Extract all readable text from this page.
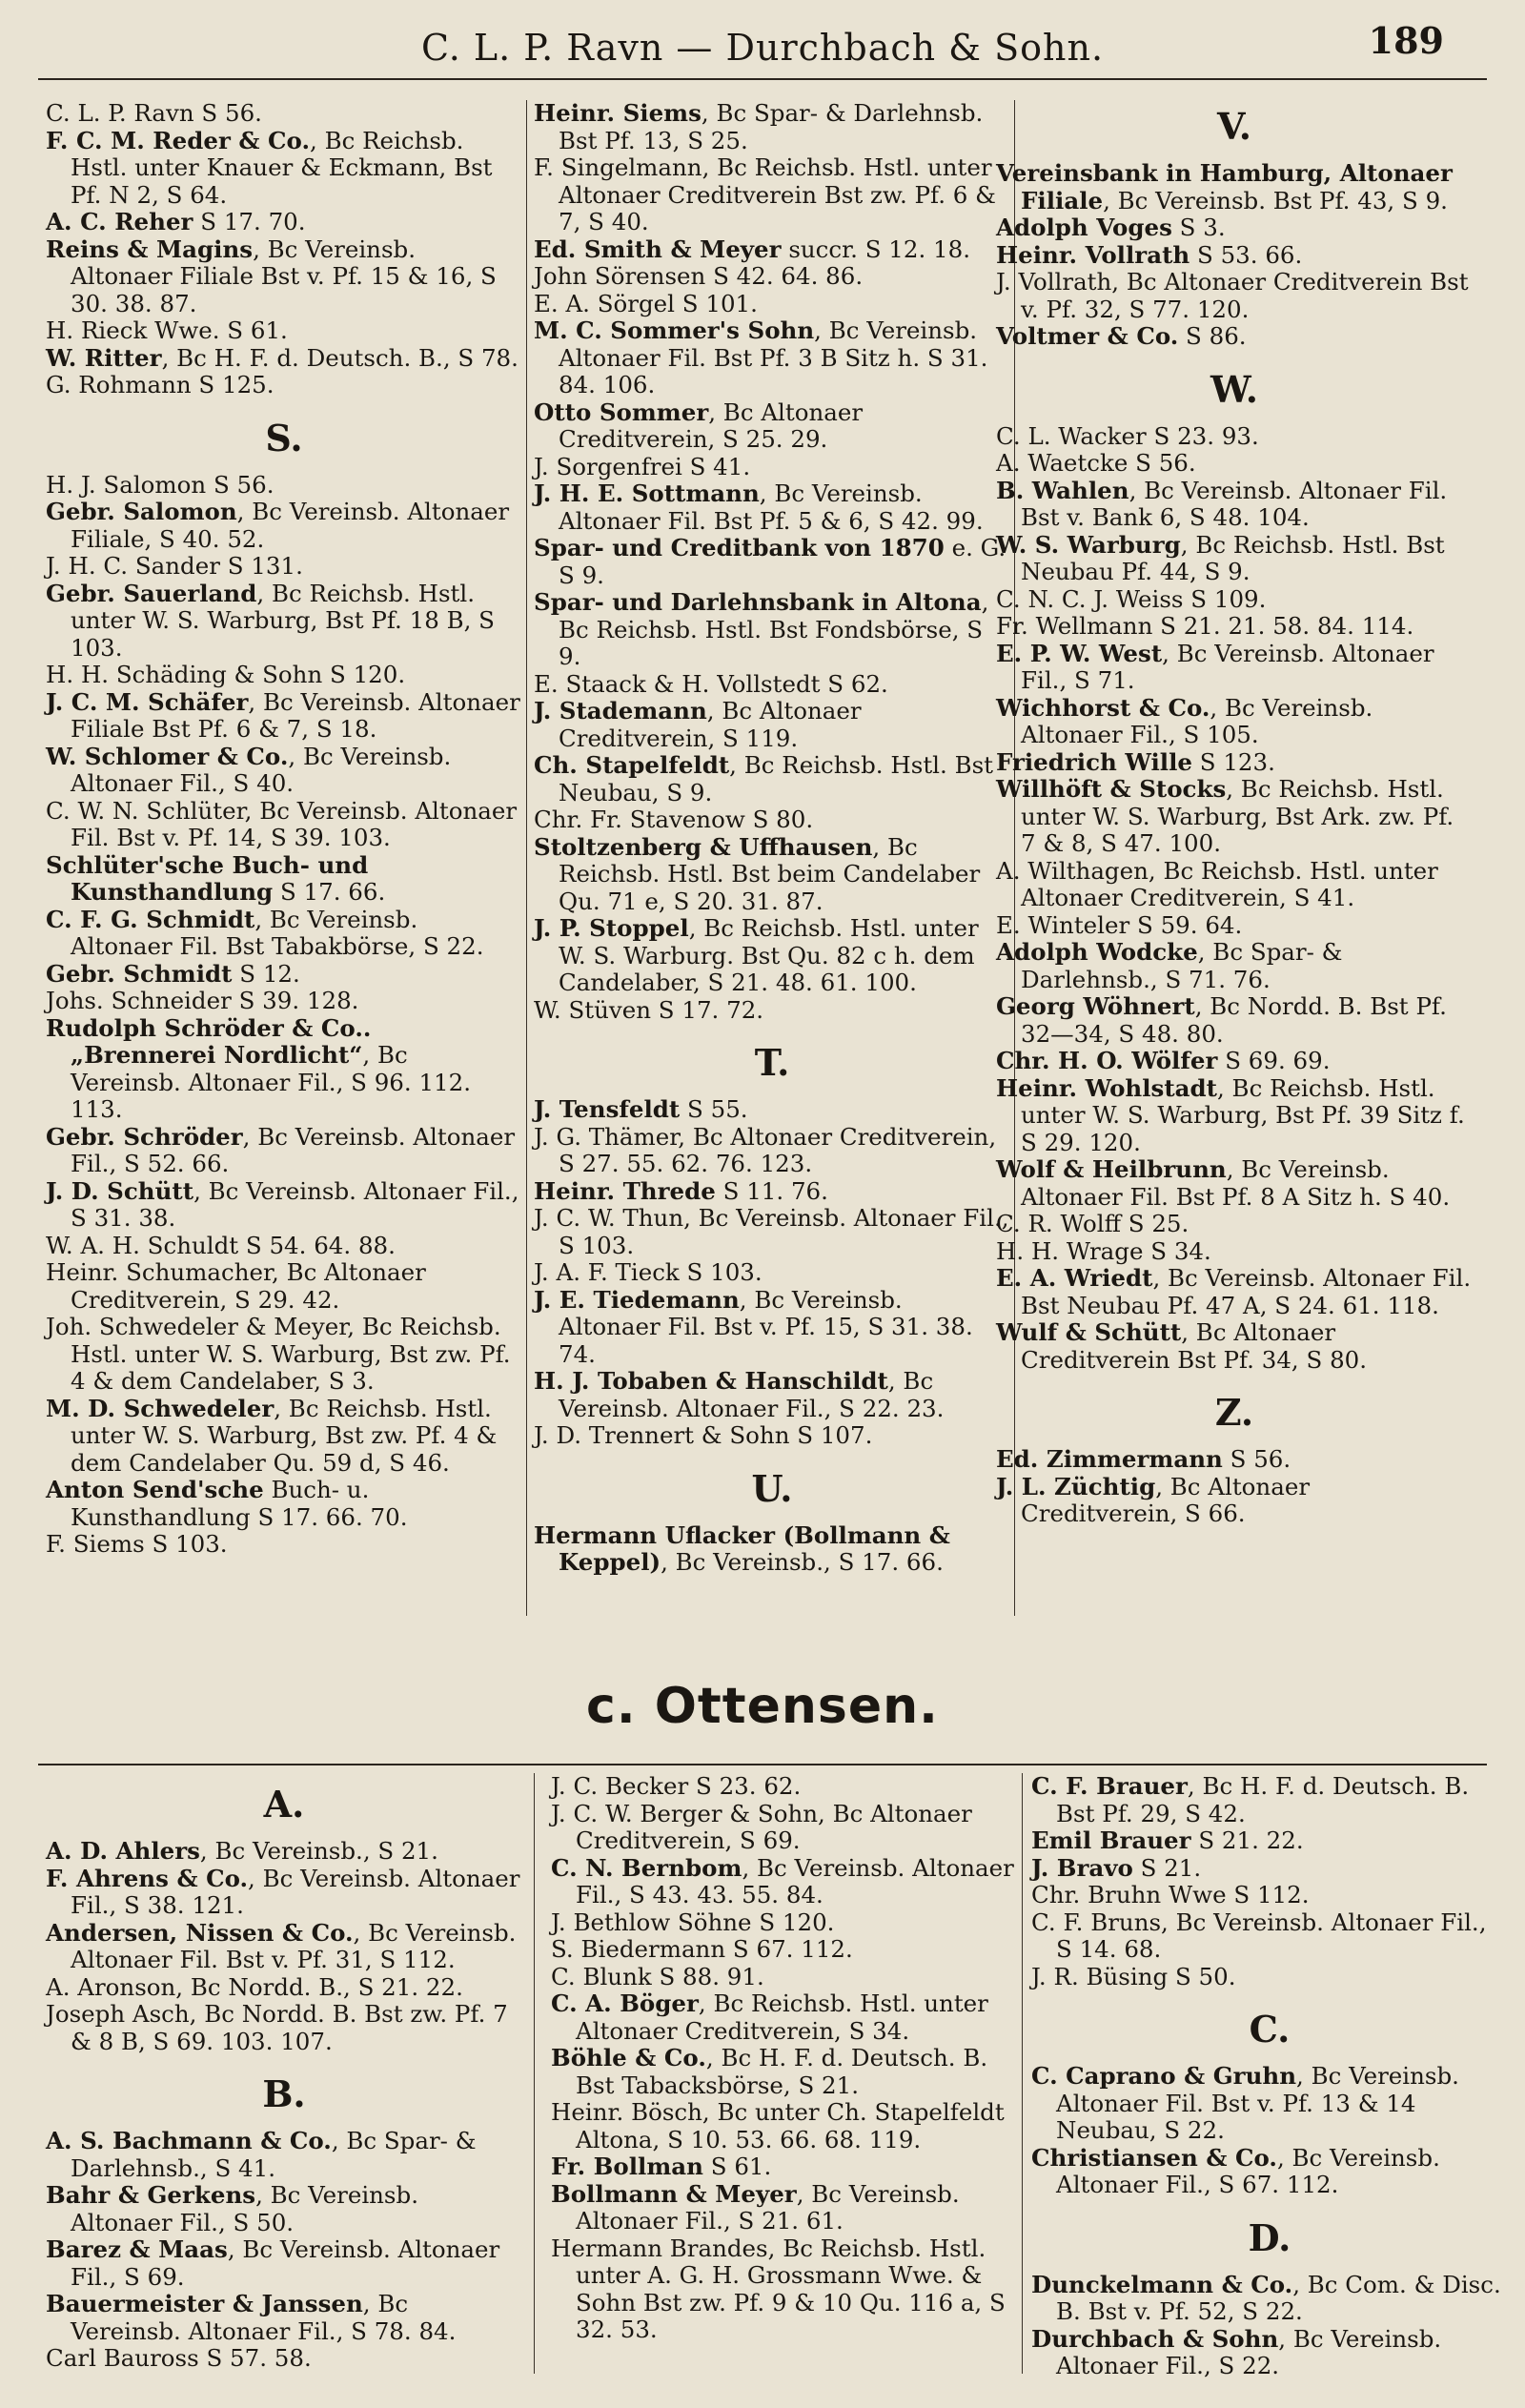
C. L. P. Ravn — Durchbach & Sohn.	189

C. L. P. Ravn S 56.

F. C. M. Reder & Co., Bc Reichsb. Hstl. unter Knauer & Eckmann, Bst Pf. N 2, S 64.

A. C. Reher S 17. 70.

Reins & Magins, Bc Vereinsb. Altonaer Filiale Bst v. Pf. 15 & 16, S 30. 38. 87.

H. Rieck Wwe. S 61.

W. Ritter, Bc H. F. d. Deutsch. B., S 78.

G. Rohmann S 125.

S.

H. J. Salomon S 56.

Gebr. Salomon, Bc Vereinsb. Altonaer Filiale, S 40. 52.

J. H. C. Sander S 131.

Gebr. Sauerland, Bc Reichsb. Hstl. unter W. S. Warburg, Bst Pf. 18 B, S 103.

H. H. Schäding & Sohn S 120.

J. C. M. Schäfer, Bc Vereinsb. Altonaer Filiale Bst Pf. 6 & 7, S 18.

W. Schlomer & Co., Bc Vereinsb. Altonaer Fil., S 40.

C. W. N. Schlüter, Bc Vereinsb. Altonaer Fil. Bst v. Pf. 14, S 39. 103.

Schlüter'sche Buch- und Kunsthandlung S 17. 66.

C. F. G. Schmidt, Bc Vereinsb. Altonaer Fil. Bst Tabakbörse, S 22.

Gebr. Schmidt S 12.

Johs. Schneider S 39. 128.

Rudolph Schröder & Co.. „Brennerei Nordlicht“, Bc Vereinsb. Altonaer Fil., S 96. 112. 113.

Gebr. Schröder, Bc Vereinsb. Altonaer Fil., S 52. 66.

J. D. Schütt, Bc Vereinsb. Altonaer Fil., S 31. 38.

W. A. H. Schuldt S 54. 64. 88.

Heinr. Schumacher, Bc Altonaer Creditverein, S 29. 42.

Joh. Schwedeler & Meyer, Bc Reichsb. Hstl. unter W. S. Warburg, Bst zw. Pf. 4 & dem Candelaber, S 3.

M. D. Schwedeler, Bc Reichsb. Hstl. unter W. S. Warburg, Bst zw. Pf. 4 & dem Candelaber Qu. 59 d, S 46.

Anton Send'sche Buch- u. Kunsthandlung S 17. 66. 70.

F. Siems S 103.

Heinr. Siems, Bc Spar- & Darlehnsb. Bst Pf. 13, S 25.

F. Singelmann, Bc Reichsb. Hstl. unter Altonaer Creditverein Bst zw. Pf. 6 & 7, S 40.

Ed. Smith & Meyer succr. S 12. 18.

John Sörensen S 42. 64. 86.

E. A. Sörgel S 101.

M. C. Sommer's Sohn, Bc Vereinsb. Altonaer Fil. Bst Pf. 3 B Sitz h. S 31. 84. 106.

Otto Sommer, Bc Altonaer Creditverein, S 25. 29.

J. Sorgenfrei S 41.

J. H. E. Sottmann, Bc Vereinsb. Altonaer Fil. Bst Pf. 5 & 6, S 42. 99.

Spar- und Creditbank von 1870 e. G. S 9.

Spar- und Darlehnsbank in Altona, Bc Reichsb. Hstl. Bst Fondsbörse, S 9.

E. Staack & H. Vollstedt S 62.

J. Stademann, Bc Altonaer Creditverein, S 119.

Ch. Stapelfeldt, Bc Reichsb. Hstl. Bst Neubau, S 9.

Chr. Fr. Stavenow S 80.

Stoltzenberg & Uffhausen, Bc Reichsb. Hstl. Bst beim Candelaber Qu. 71 e, S 20. 31. 87.

J. P. Stoppel, Bc Reichsb. Hstl. unter W. S. Warburg. Bst Qu. 82 c h. dem Candelaber, S 21. 48. 61. 100.

W. Stüven S 17. 72.

T.

J. Tensfeldt S 55.

J. G. Thämer, Bc Altonaer Creditverein, S 27. 55. 62. 76. 123.

Heinr. Threde S 11. 76.

J. C. W. Thun, Bc Vereinsb. Altonaer Fil., S 103.

J. A. F. Tieck S 103.

J. E. Tiedemann, Bc Vereinsb. Altonaer Fil. Bst v. Pf. 15, S 31. 38. 74.

H. J. Tobaben & Hanschildt, Bc Vereinsb. Altonaer Fil., S 22. 23.

J. D. Trennert & Sohn S 107.

U.

Hermann Uflacker (Bollmann & Keppel), Bc Vereinsb., S 17. 66.

V.

Vereinsbank in Hamburg, Altonaer Filiale, Bc Vereinsb. Bst Pf. 43, S 9.

Adolph Voges S 3.

Heinr. Vollrath S 53. 66.

J. Vollrath, Bc Altonaer Creditverein Bst v. Pf. 32, S 77. 120.

Voltmer & Co. S 86.

W.

C. L. Wacker S 23. 93.

A. Waetcke S 56.

B. Wahlen, Bc Vereinsb. Altonaer Fil. Bst v. Bank 6, S 48. 104.

W. S. Warburg, Bc Reichsb. Hstl. Bst Neubau Pf. 44, S 9.

C. N. C. J. Weiss S 109.

Fr. Wellmann S 21. 21. 58. 84. 114.

E. P. W. West, Bc Vereinsb. Altonaer Fil., S 71.

Wichhorst & Co., Bc Vereinsb. Altonaer Fil., S 105.

Friedrich Wille S 123.

Willhöft & Stocks, Bc Reichsb. Hstl. unter W. S. Warburg, Bst Ark. zw. Pf. 7 & 8, S 47. 100.

A. Wilthagen, Bc Reichsb. Hstl. unter Altonaer Creditverein, S 41.

E. Winteler S 59. 64.

Adolph Wodcke, Bc Spar- & Darlehnsb., S 71. 76.

Georg Wöhnert, Bc Nordd. B. Bst Pf. 32—34, S 48. 80.

Chr. H. O. Wölfer S 69. 69.

Heinr. Wohlstadt, Bc Reichsb. Hstl. unter W. S. Warburg, Bst Pf. 39 Sitz f. S 29. 120.

Wolf & Heilbrunn, Bc Vereinsb. Altonaer Fil. Bst Pf. 8 A Sitz h. S 40.

C. R. Wolff S 25.

H. H. Wrage S 34.

E. A. Wriedt, Bc Vereinsb. Altonaer Fil. Bst Neubau Pf. 47 A, S 24. 61. 118.

Wulf & Schütt, Bc Altonaer Creditverein Bst Pf. 34, S 80.

Z.

Ed. Zimmermann S 56.

J. L. Züchtig, Bc Altonaer Creditverein, S 66.

c. Ottensen.
A.

A. D. Ahlers, Bc Vereinsb., S 21.

F. Ahrens & Co., Bc Vereinsb. Altonaer Fil., S 38. 121.

Andersen, Nissen & Co., Bc Vereinsb. Altonaer Fil. Bst v. Pf. 31, S 112.

A. Aronson, Bc Nordd. B., S 21. 22.

Joseph Asch, Bc Nordd. B. Bst zw. Pf. 7 & 8 B, S 69. 103. 107.

B.

A. S. Bachmann & Co., Bc Spar- & Darlehnsb., S 41.

Bahr & Gerkens, Bc Vereinsb. Altonaer Fil., S 50.

Barez & Maas, Bc Vereinsb. Altonaer Fil., S 69.

Bauermeister & Janssen, Bc Vereinsb. Altonaer Fil., S 78. 84.

Carl Bauross S 57. 58.

J. C. Becker S 23. 62.

J. C. W. Berger & Sohn, Bc Altonaer Creditverein, S 69.

C. N. Bernbom, Bc Vereinsb. Altonaer Fil., S 43. 43. 55. 84.

J. Bethlow Söhne S 120.

S. Biedermann S 67. 112.

C. Blunk S 88. 91.

C. A. Böger, Bc Reichsb. Hstl. unter Altonaer Creditverein, S 34.

Böhle & Co., Bc H. F. d. Deutsch. B. Bst Tabacksbörse, S 21.

Heinr. Bösch, Bc unter Ch. Stapelfeldt Altona, S 10. 53. 66. 68. 119.

Fr. Bollman S 61.

Bollmann & Meyer, Bc Vereinsb. Altonaer Fil., S 21. 61.

Hermann Brandes, Bc Reichsb. Hstl. unter A. G. H. Grossmann Wwe. & Sohn Bst zw. Pf. 9 & 10 Qu. 116 a, S 32. 53.

C. F. Brauer, Bc H. F. d. Deutsch. B. Bst Pf. 29, S 42.

Emil Brauer S 21. 22.

J. Bravo S 21.

Chr. Bruhn Wwe S 112.

C. F. Bruns, Bc Vereinsb. Altonaer Fil., S 14. 68.

J. R. Büsing S 50.

C.

C. Caprano & Gruhn, Bc Vereinsb. Altonaer Fil. Bst v. Pf. 13 & 14 Neubau, S 22.

Christiansen & Co., Bc Vereinsb. Altonaer Fil., S 67. 112.

D.

Dunckelmann & Co., Bc Com. & Disc. B. Bst v. Pf. 52, S 22.

Durchbach & Sohn, Bc Vereinsb. Altonaer Fil., S 22.
